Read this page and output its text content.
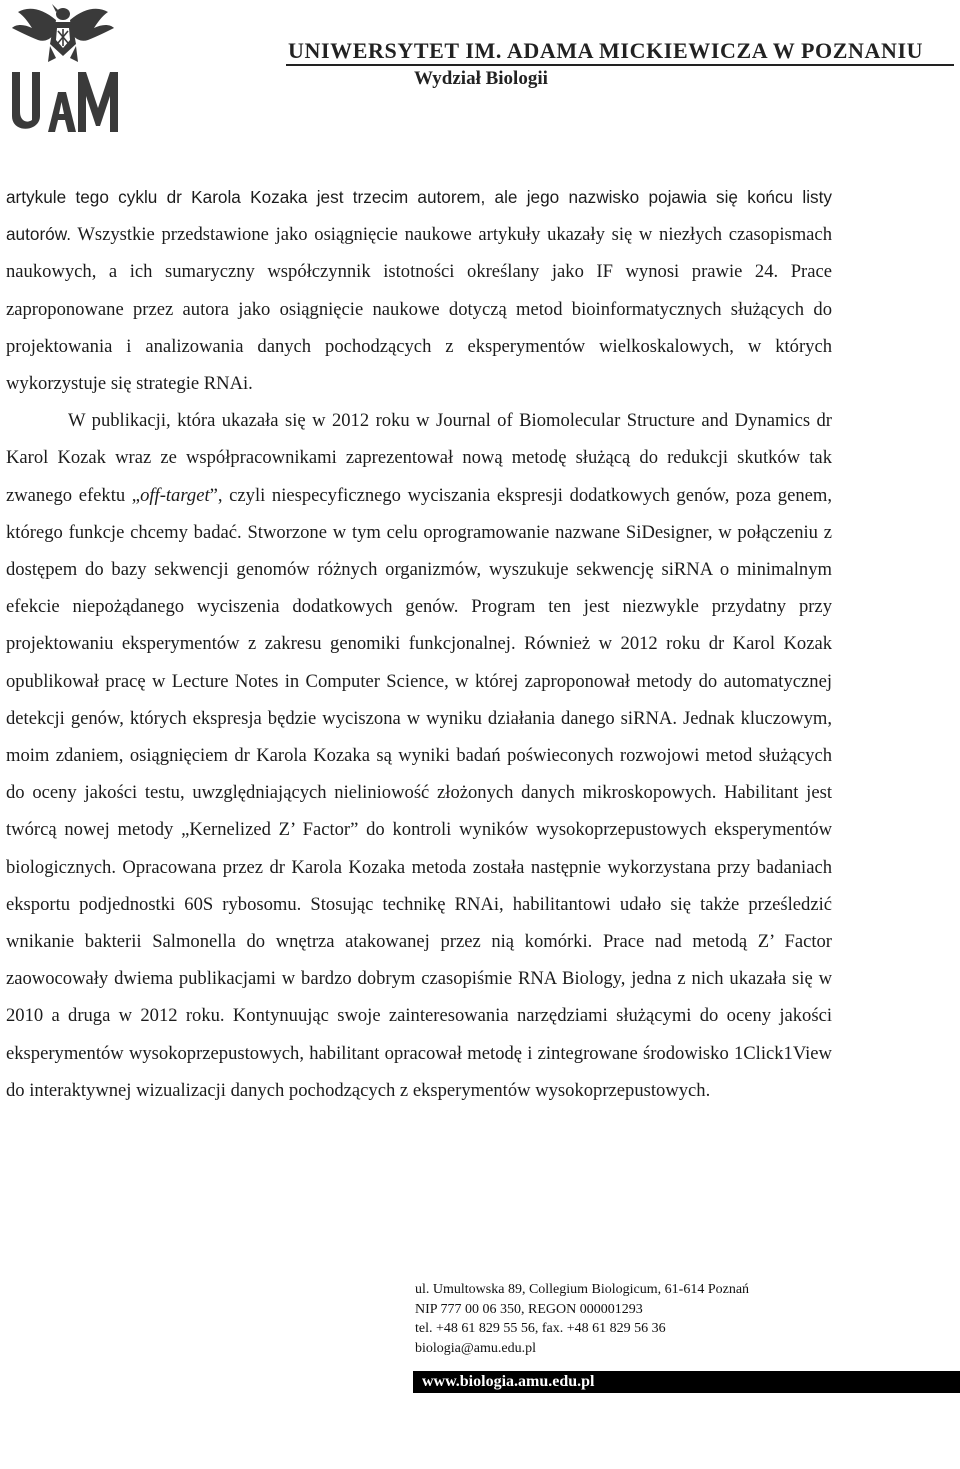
UNIWERSYTET IM. ADAMA MICKIEWICZA W POZNANIU
Wydział Biologii

artykule tego cyklu dr Karola Kozaka jest trzecim autorem, ale jego nazwisko pojawia się końcu listy autorów. Wszystkie przedstawione jako osiągnięcie naukowe artykuły ukazały się w niezłych czasopismach naukowych, a ich sumaryczny współczynnik istotności określany jako IF wynosi prawie 24. Prace zaproponowane przez autora jako osiągnięcie naukowe dotyczą metod bioinformatycznych służących do projektowania i analizowania danych pochodzących z eksperymentów wielkoskalowych, w których wykorzystuje się strategie RNAi.

W publikacji, która ukazała się w 2012 roku w Journal of Biomolecular Structure and Dynamics dr Karol Kozak wraz ze współpracownikami zaprezentował nową metodę służącą do redukcji skutków tak zwanego efektu „off-target”, czyli niespecyficznego wyciszania ekspresji dodatkowych genów, poza genem, którego funkcje chcemy badać. Stworzone w tym celu oprogramowanie nazwane SiDesigner, w połączeniu z dostępem do bazy sekwencji genomów różnych organizmów, wyszukuje sekwencję siRNA o minimalnym efekcie niepożądanego wyciszenia dodatkowych genów. Program ten jest niezwykle przydatny przy projektowaniu eksperymentów z zakresu genomiki funkcjonalnej. Również w 2012 roku dr Karol Kozak opublikował pracę w Lecture Notes in Computer Science, w której zaproponował metody do automatycznej detekcji genów, których ekspresja będzie wyciszona w wyniku działania danego siRNA. Jednak kluczowym, moim zdaniem, osiągnięciem dr Karola Kozaka są wyniki badań poświeconych rozwojowi metod służących do oceny jakości testu, uwzględniających nieliniowość złożonych danych mikroskopowych. Habilitant jest twórcą nowej metody „Kernelized Z’ Factor” do kontroli wyników wysokoprzepustowych eksperymentów biologicznych. Opracowana przez dr Karola Kozaka metoda została następnie wykorzystana przy badaniach eksportu podjednostki 60S rybosomu. Stosując technikę RNAi, habilitantowi udało się także prześledzić wnikanie bakterii Salmonella do wnętrza atakowanej przez nią komórki. Prace nad metodą Z’ Factor zaowocowały dwiema publikacjami w bardzo dobrym czasopiśmie RNA Biology, jedna z nich ukazała się w 2010 a druga w 2012 roku. Kontynuując swoje zainteresowania narzędziami służącymi do oceny jakości eksperymentów wysokoprzepustowych, habilitant opracował metodę i zintegrowane środowisko 1Click1View do interaktywnej wizualizacji danych pochodzących z eksperymentów wysokoprzepustowych.

ul. Umultowska 89, Collegium Biologicum, 61-614 Poznań
NIP 777 00 06 350, REGON 000001293
tel. +48 61 829 55 56, fax. +48 61 829 56 36
biologia@amu.edu.pl
www.biologia.amu.edu.pl
